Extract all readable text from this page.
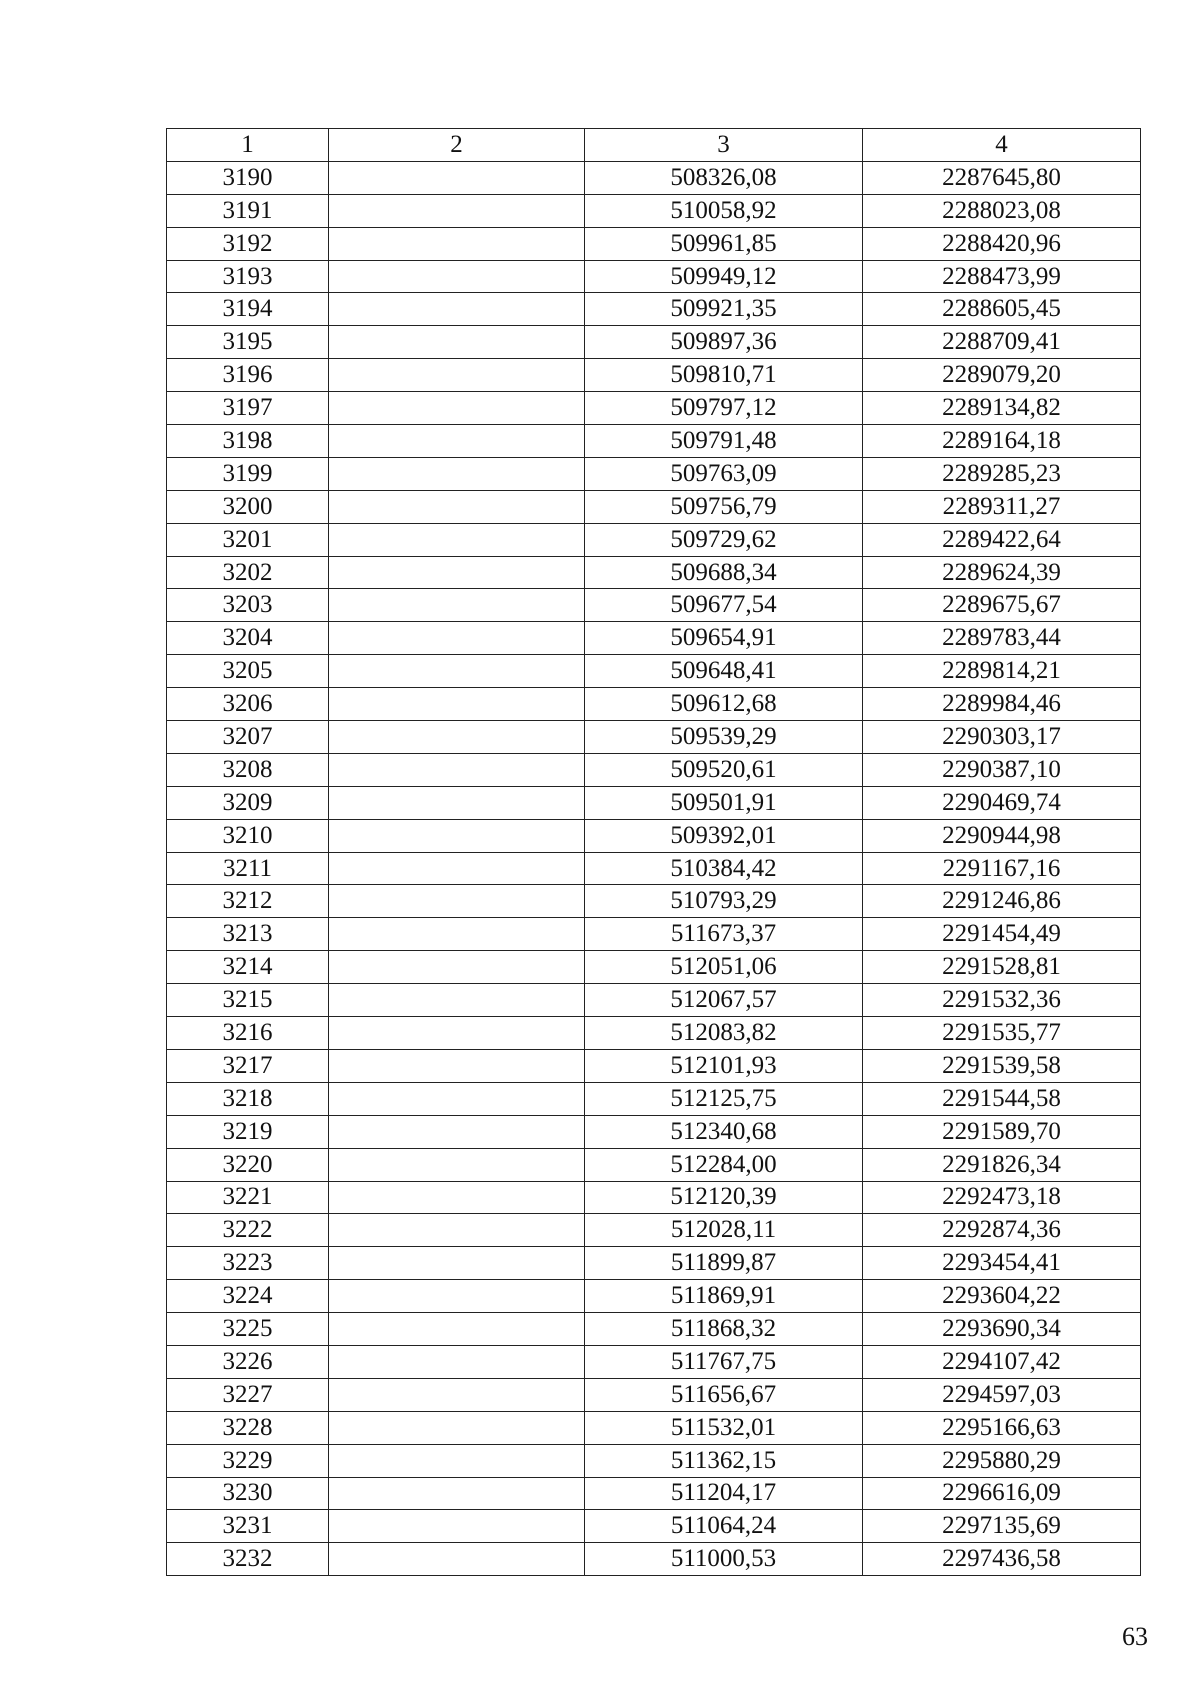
1	2	3	4
3190		508326,08	2287645,80
3191		510058,92	2288023,08
3192		509961,85	2288420,96
3193		509949,12	2288473,99
3194		509921,35	2288605,45
3195		509897,36	2288709,41
3196		509810,71	2289079,20
3197		509797,12	2289134,82
3198		509791,48	2289164,18
3199		509763,09	2289285,23
3200		509756,79	2289311,27
3201		509729,62	2289422,64
3202		509688,34	2289624,39
3203		509677,54	2289675,67
3204		509654,91	2289783,44
3205		509648,41	2289814,21
3206		509612,68	2289984,46
3207		509539,29	2290303,17
3208		509520,61	2290387,10
3209		509501,91	2290469,74
3210		509392,01	2290944,98
3211		510384,42	2291167,16
3212		510793,29	2291246,86
3213		511673,37	2291454,49
3214		512051,06	2291528,81
3215		512067,57	2291532,36
3216		512083,82	2291535,77
3217		512101,93	2291539,58
3218		512125,75	2291544,58
3219		512340,68	2291589,70
3220		512284,00	2291826,34
3221		512120,39	2292473,18
3222		512028,11	2292874,36
3223		511899,87	2293454,41
3224		511869,91	2293604,22
3225		511868,32	2293690,34
3226		511767,75	2294107,42
3227		511656,67	2294597,03
3228		511532,01	2295166,63
3229		511362,15	2295880,29
3230		511204,17	2296616,09
3231		511064,24	2297135,69
3232		511000,53	2297436,58
63
